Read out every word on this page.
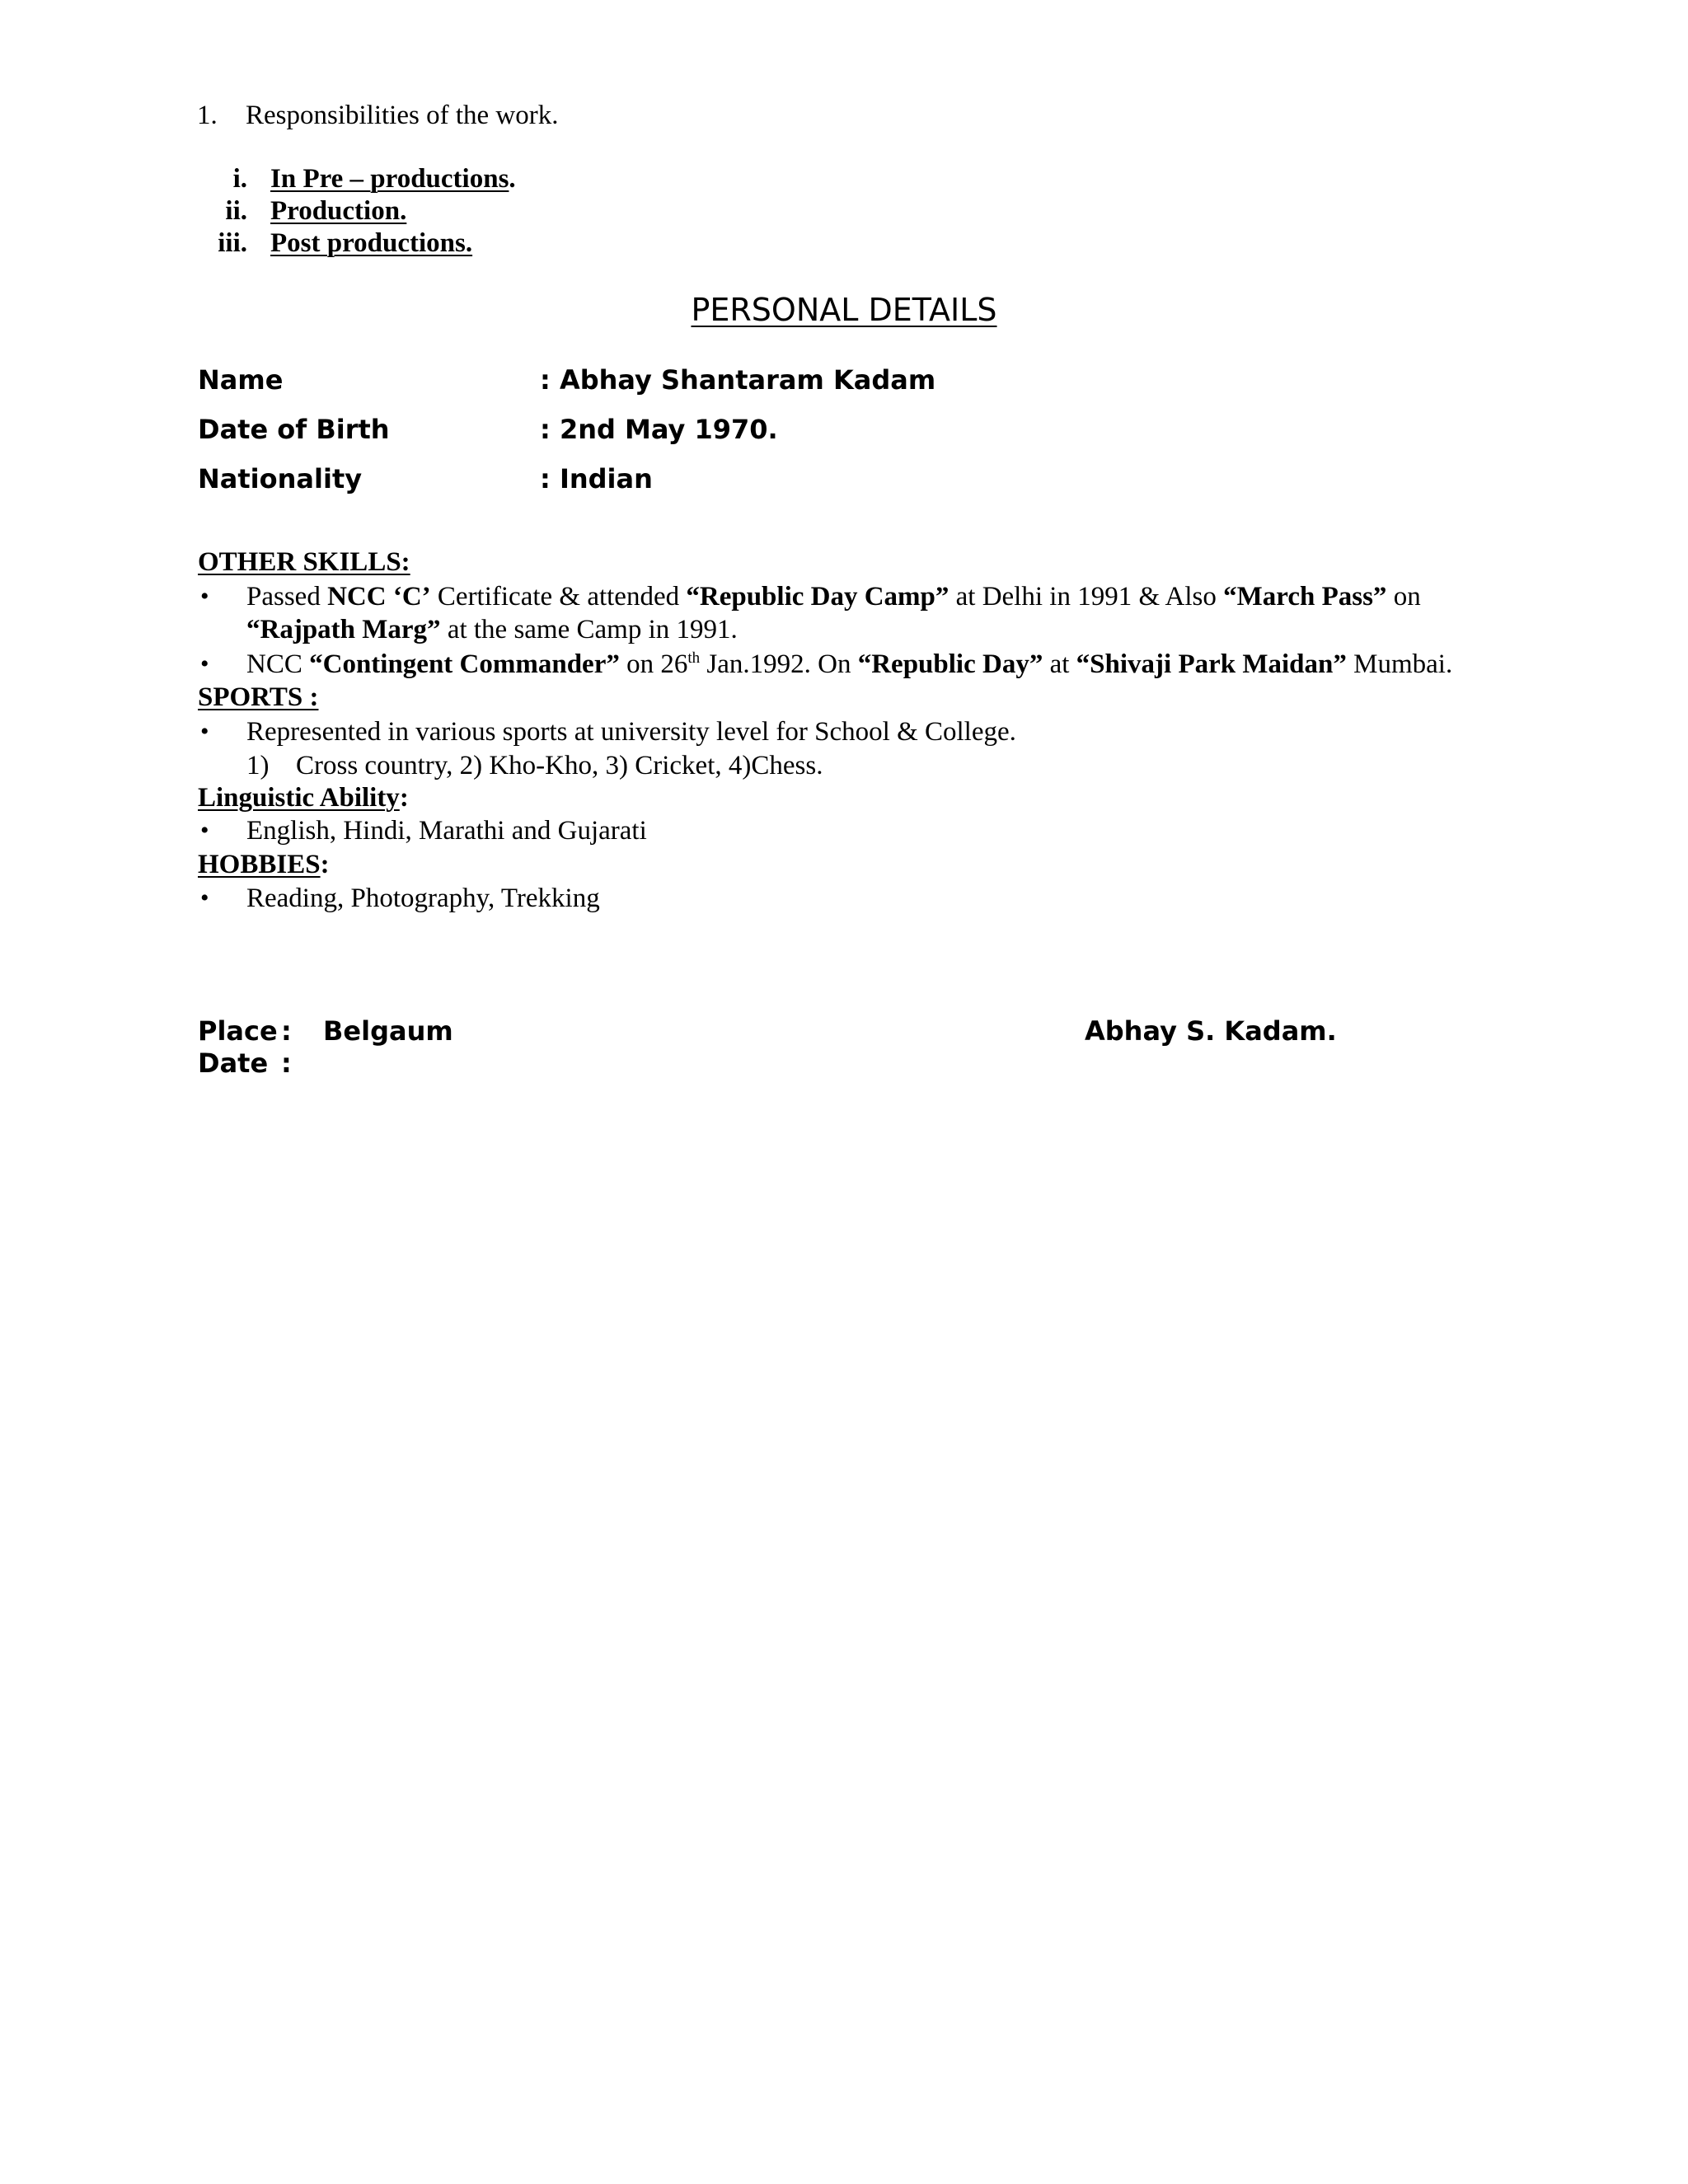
1. Responsibilities of the work.
i. In Pre – productions.
ii. Production.
iii. Post productions.
PERSONAL DETAILS
Name	: Abhay Shantaram Kadam
Date of Birth	: 2nd May 1970.
Nationality	: Indian
OTHER SKILLS:
• Passed NCC ‘C’ Certificate & attended “Republic Day Camp” at Delhi in 1991 & Also “March Pass” on
“Rajpath Marg” at the same Camp in 1991.
• NCC “Contingent Commander” on 26th Jan.1992. On “Republic Day” at “Shivaji Park Maidan” Mumbai.
SPORTS :
• Represented in various sports at university level for School & College.
1) Cross country, 2) Kho-Kho, 3) Cricket, 4)Chess.
Linguistic Ability:
• English, Hindi, Marathi and Gujarati
HOBBIES:
• Reading, Photography, Trekking
Place : Belgaum	Abhay S. Kadam.
Date :
